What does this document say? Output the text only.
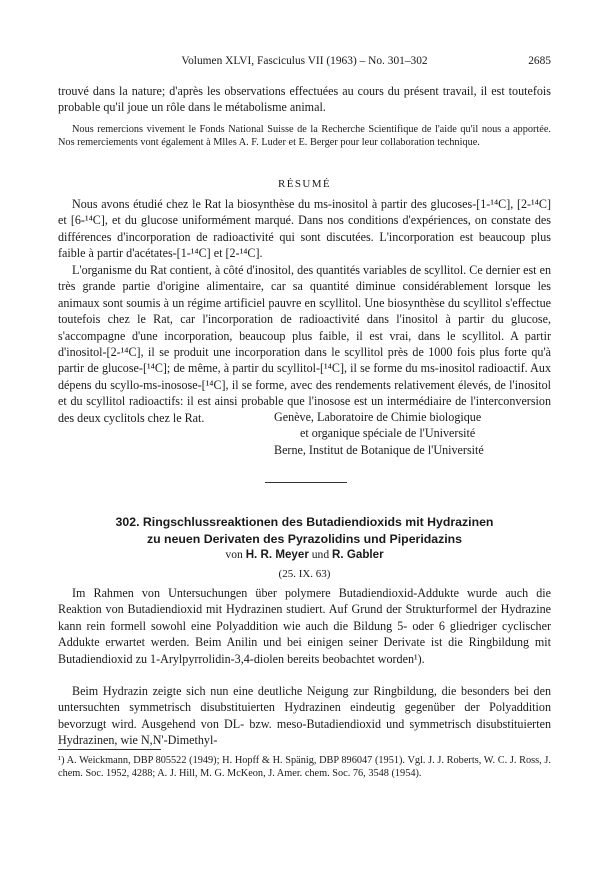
Volumen XLVI, Fasciculus VII (1963) – No. 301–302	2685

trouvé dans la nature; d'après les observations effectuées au cours du présent travail, il est toutefois probable qu'il joue un rôle dans le métabolisme animal.

Nous remercions vivement le Fonds National Suisse de la Recherche Scientifique de l'aide qu'il nous a apportée. Nos remerciements vont également à Mlles A. F. Luder et E. Berger pour leur collaboration technique.

RÉSUMÉ

Nous avons étudié chez le Rat la biosynthèse du ms-inositol à partir des glucoses-[1-¹⁴C], [2-¹⁴C] et [6-¹⁴C], et du glucose uniformément marqué. Dans nos conditions d'expériences, on constate des différences d'incorporation de radioactivité qui sont discutées. L'incorporation est beaucoup plus faible à partir d'acétates-[1-¹⁴C] et [2-¹⁴C].

L'organisme du Rat contient, à côté d'inositol, des quantités variables de scyllitol. Ce dernier est en très grande partie d'origine alimentaire, car sa quantité diminue considérablement lorsque les animaux sont soumis à un régime artificiel pauvre en scyllitol. Une biosynthèse du scyllitol s'effectue toutefois chez le Rat, car l'incorporation de radioactivité dans l'inositol à partir du glucose, s'accompagne d'une incorporation, beaucoup plus faible, il est vrai, dans le scyllitol. A partir d'inositol-[2-¹⁴C], il se produit une incorporation dans le scyllitol près de 1000 fois plus forte qu'à partir de glucose-[¹⁴C]; de même, à partir du scyllitol-[¹⁴C], il se forme du ms-inositol radioactif. Aux dépens du scyllo-ms-inosose-[¹⁴C], il se forme, avec des rendements relativement élevés, de l'inositol et du scyllitol radioactifs: il est ainsi probable que l'inosose est un intermédiaire de l'interconversion des deux cyclitols chez le Rat.	Genève, Laboratoire de Chimie biologique
et organique spéciale de l'Université
Berne, Institut de Botanique de l'Université
302. Ringschlussreaktionen des Butadiendioxids mit Hydrazinen
zu neuen Derivaten des Pyrazolidins und Piperidazins
von H. R. Meyer und R. Gabler
(25. IX. 63)

Im Rahmen von Untersuchungen über polymere Butadiendioxid-Addukte wurde auch die Reaktion von Butadiendioxid mit Hydrazinen studiert. Auf Grund der Strukturformel der Hydrazine kann rein formell sowohl eine Polyaddition wie auch die Bildung 5- oder 6 gliedriger cyclischer Addukte erwartet werden. Beim Anilin und bei einigen seiner Derivate ist die Ringbildung mit Butadiendioxid zu 1-Arylpyrrolidin-3,4-diolen bereits beobachtet worden¹).

Beim Hydrazin zeigte sich nun eine deutliche Neigung zur Ringbildung, die besonders bei den untersuchten symmetrisch disubstituierten Hydrazinen eindeutig gegenüber der Polyaddition bevorzugt wird. Ausgehend von DL- bzw. meso-Butadiendioxid und symmetrisch disubstituierten Hydrazinen, wie N,N'-Dimethyl-

¹) A. Weickmann, DBP 805522 (1949); H. Hopff & H. Spänig, DBP 896047 (1951). Vgl. J. J. Roberts, W. C. J. Ross, J. chem. Soc. 1952, 4288; A. J. Hill, M. G. McKeon, J. Amer. chem. Soc. 76, 3548 (1954).
